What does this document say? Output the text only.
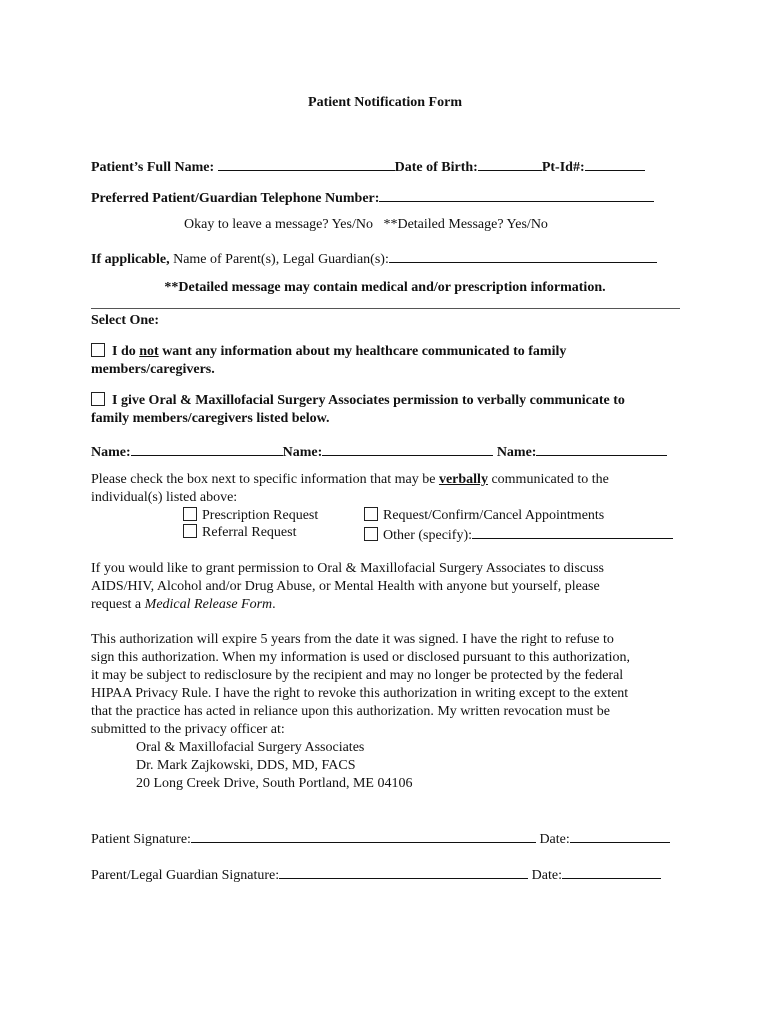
Patient Notification Form
Patient’s Full Name:	Date of Birth:	Pt-Id#:
Preferred Patient/Guardian Telephone Number:
Okay to leave a message? Yes/No **Detailed Message? Yes/No
If applicable, Name of Parent(s), Legal Guardian(s):
**Detailed message may contain medical and/or prescription information.
Select One:
I do not want any information about my healthcare communicated to family
members/caregivers.
I give Oral & Maxillofacial Surgery Associates permission to verbally communicate to
family members/caregivers listed below.
Name:	Name:	Name:
Please check the box next to specific information that may be verbally communicated to the
individual(s) listed above:
Prescription Request	Request/Confirm/Cancel Appointments
Referral Request	Other (specify):
If you would like to grant permission to Oral & Maxillofacial Surgery Associates to discuss
AIDS/HIV, Alcohol and/or Drug Abuse, or Mental Health with anyone but yourself, please
request a Medical Release Form.
This authorization will expire 5 years from the date it was signed. I have the right to refuse to
sign this authorization. When my information is used or disclosed pursuant to this authorization,
it may be subject to redisclosure by the recipient and may no longer be protected by the federal
HIPAA Privacy Rule. I have the right to revoke this authorization in writing except to the extent
that the practice has acted in reliance upon this authorization. My written revocation must be
submitted to the privacy officer at:
Oral & Maxillofacial Surgery Associates
Dr. Mark Zajkowski, DDS, MD, FACS
20 Long Creek Drive, South Portland, ME 04106
Patient Signature:	Date:
Parent/Legal Guardian Signature:	Date:
